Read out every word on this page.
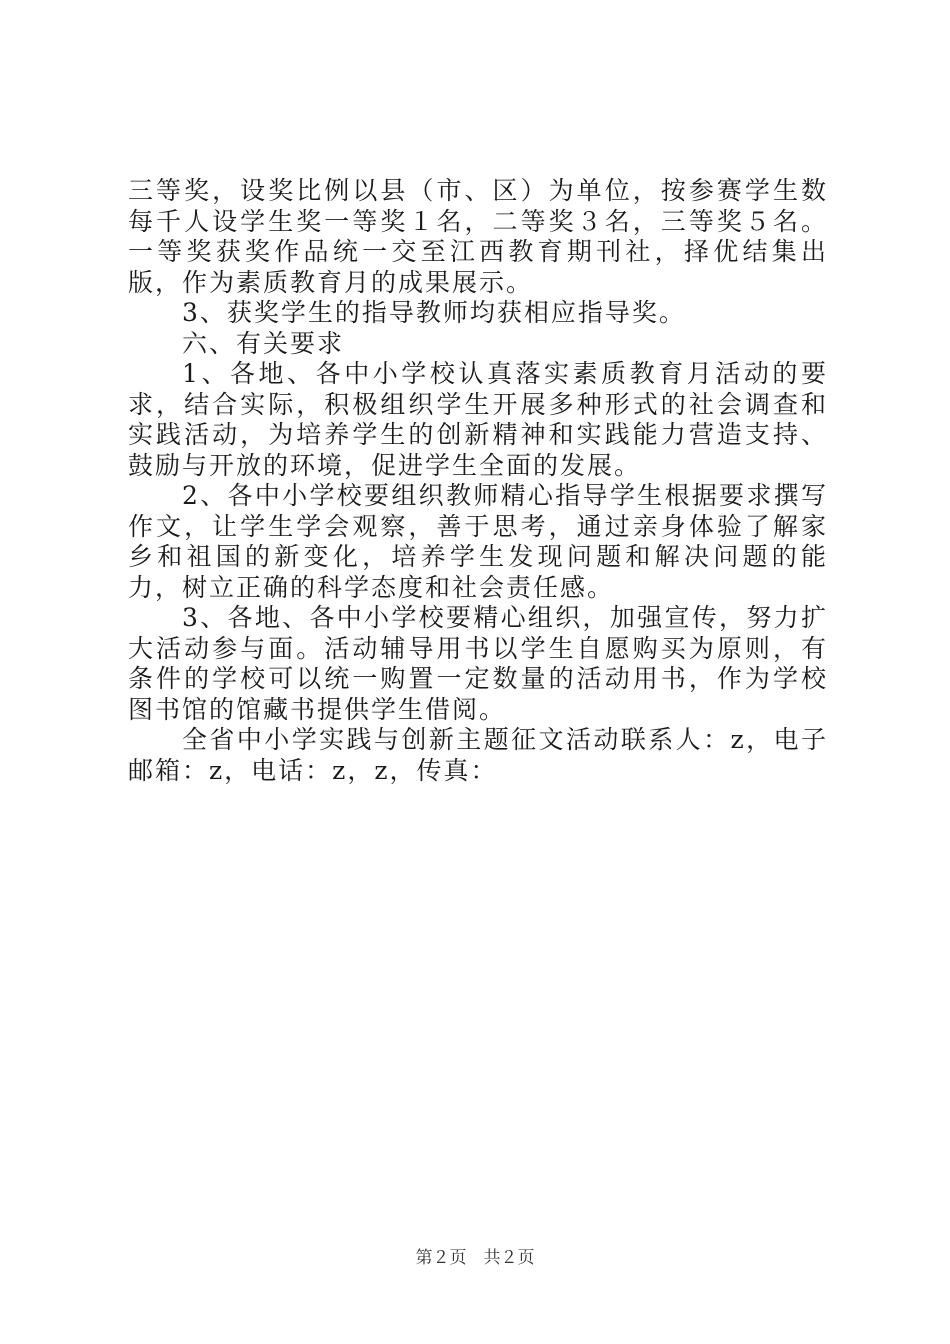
三等奖，设奖比例以县（市、区）为单位，按参赛学生数每千人设学生奖一等奖１名，二等奖３名，三等奖５名。一等奖获奖作品统一交至江西教育期刊社，择优结集出版，作为素质教育月的成果展示。

3、获奖学生的指导教师均获相应指导奖。

六、有关要求

1、各地、各中小学校认真落实素质教育月活动的要求，结合实际，积极组织学生开展多种形式的社会调查和实践活动，为培养学生的创新精神和实践能力营造支持、鼓励与开放的环境，促进学生全面的发展。

2、各中小学校要组织教师精心指导学生根据要求撰写作文，让学生学会观察，善于思考，通过亲身体验了解家乡和祖国的新变化，培养学生发现问题和解决问题的能力，树立正确的科学态度和社会责任感。

3、各地、各中小学校要精心组织，加强宣传，努力扩大活动参与面。活动辅导用书以学生自愿购买为原则，有条件的学校可以统一购置一定数量的活动用书，作为学校图书馆的馆藏书提供学生借阅。

全省中小学实践与创新主题征文活动联系人：z，电子邮箱：z，电话：z，z，传真：

第２页　共２页
